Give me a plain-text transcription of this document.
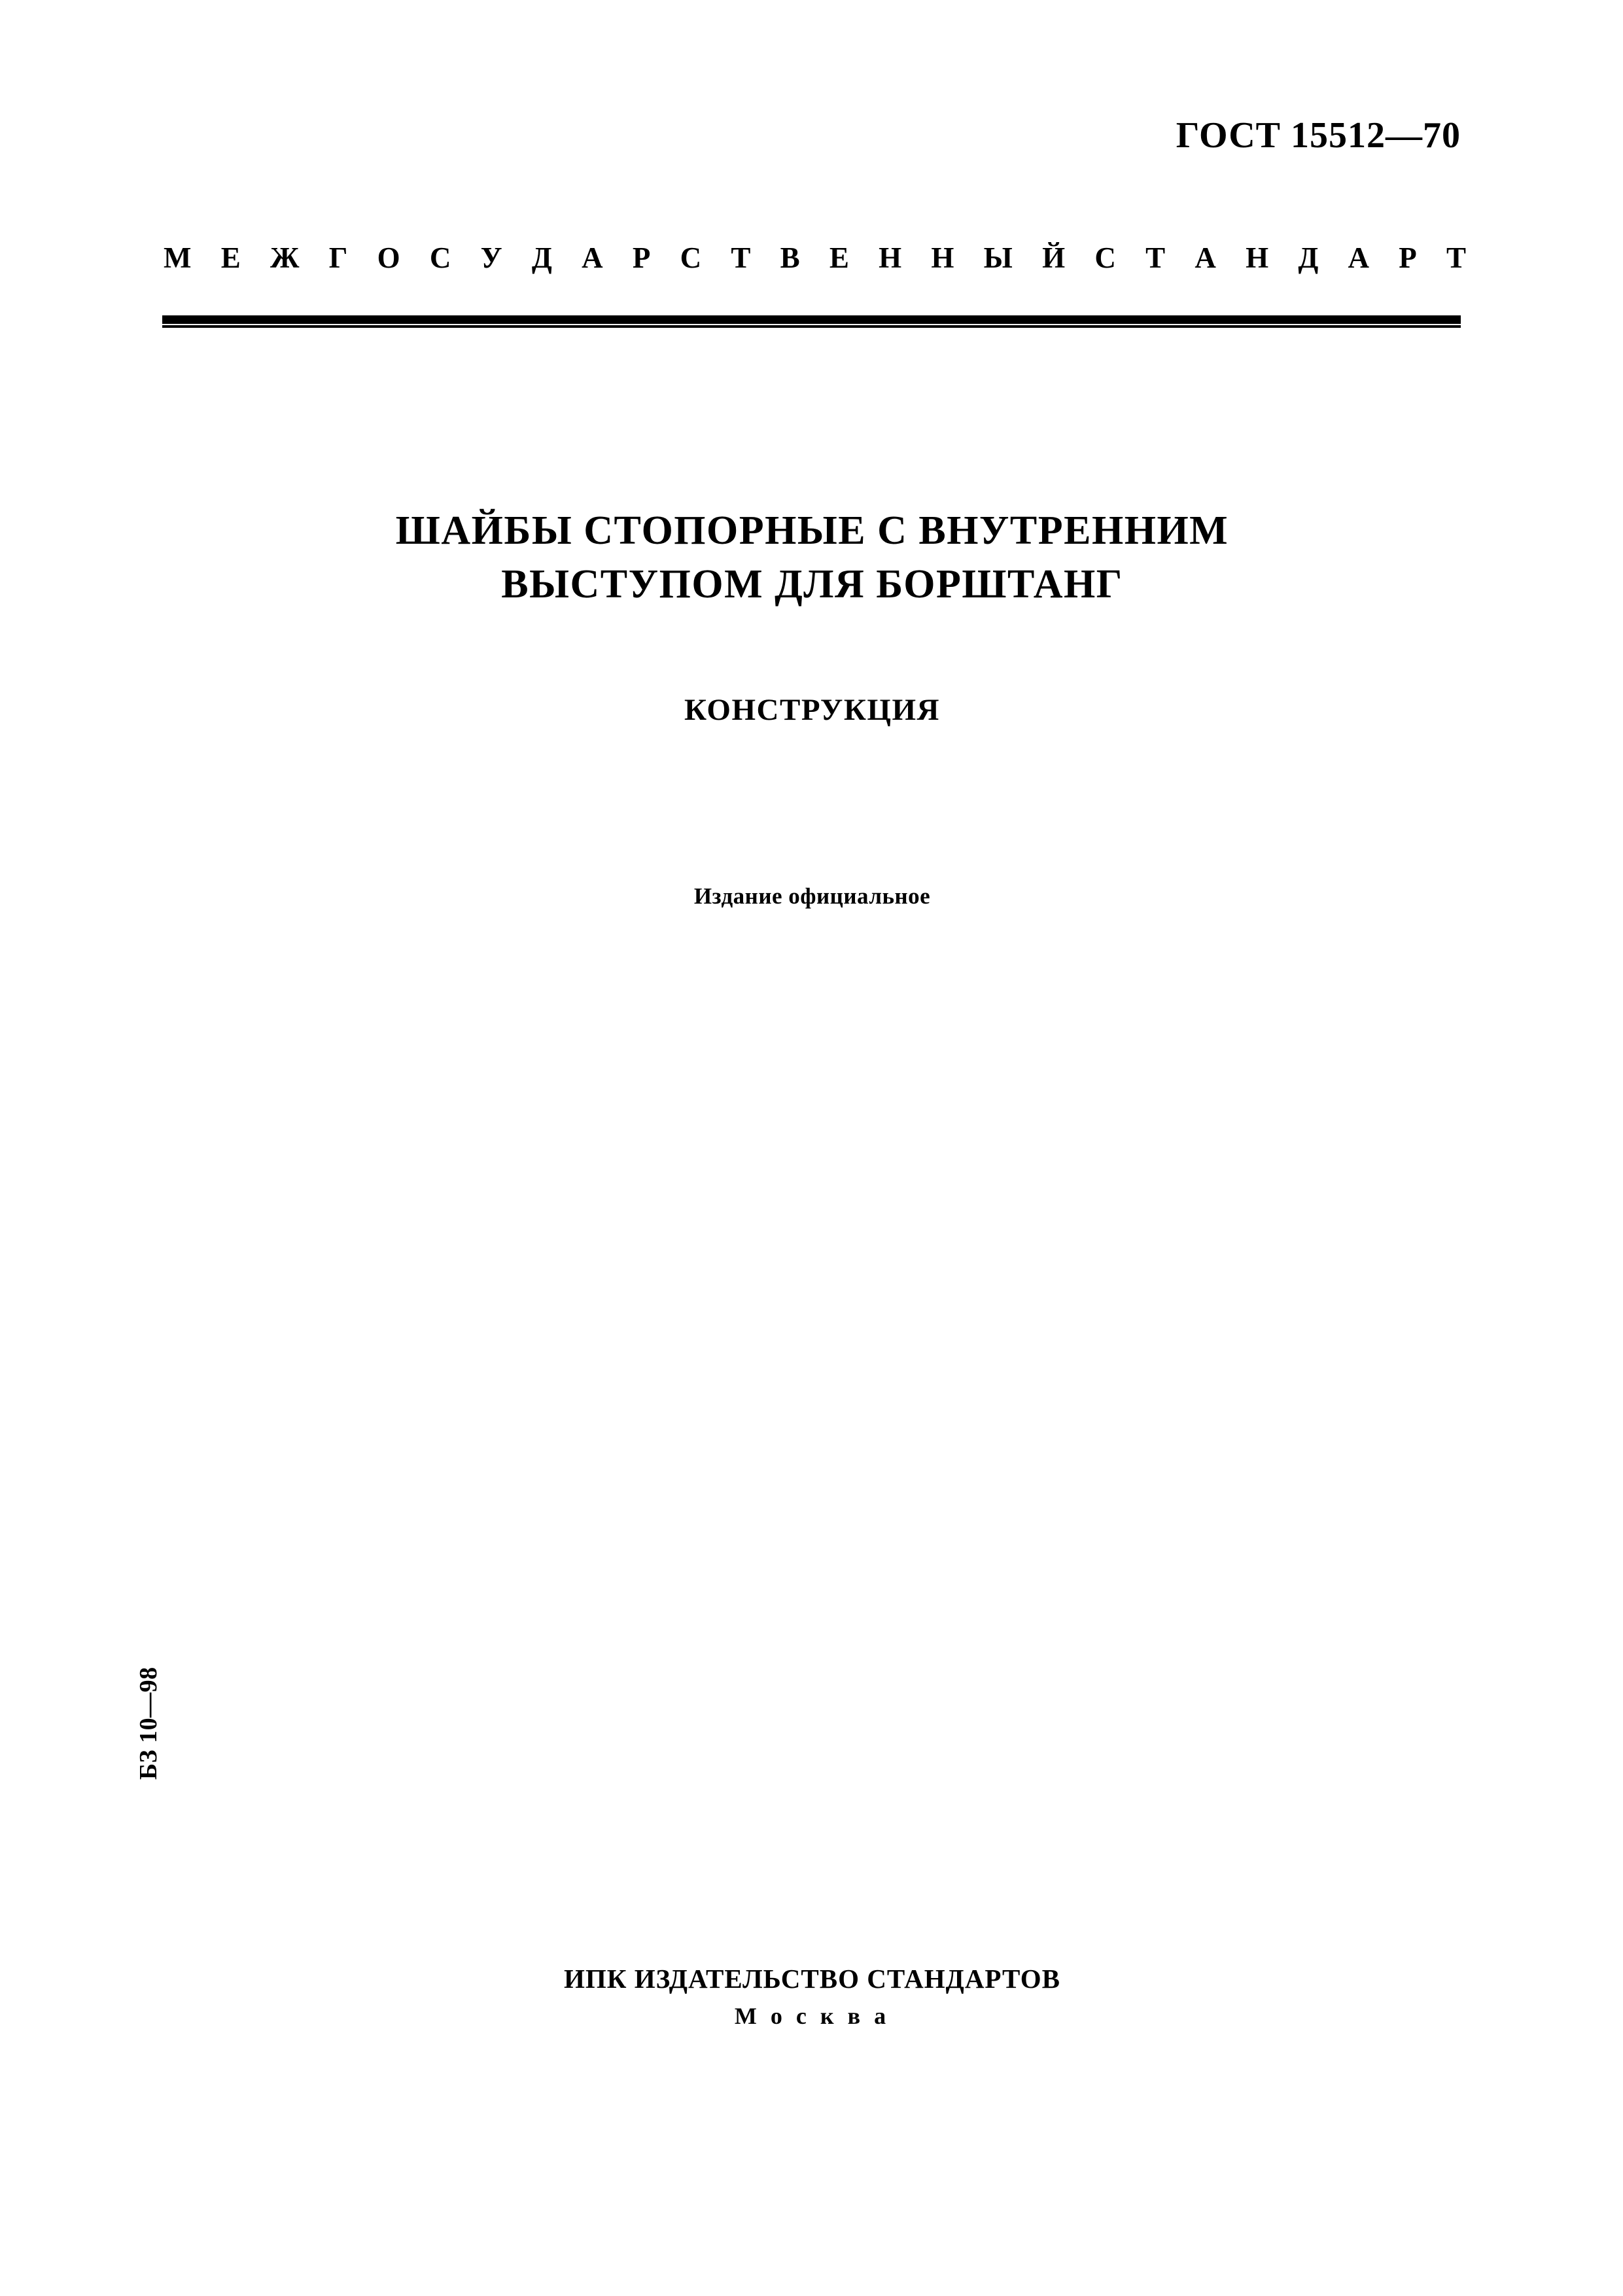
ГОСТ 15512—70
М Е Ж Г О С У Д А Р С Т В Е Н Н Ы Й С Т А Н Д А Р Т
ШАЙБЫ СТОПОРНЫЕ С ВНУТРЕННИМ
ВЫСТУПОМ ДЛЯ БОРШТАНГ
КОНСТРУКЦИЯ
Издание официальное
БЗ 10—98
ИПК ИЗДАТЕЛЬСТВО СТАНДАРТОВ
М о с к в а
